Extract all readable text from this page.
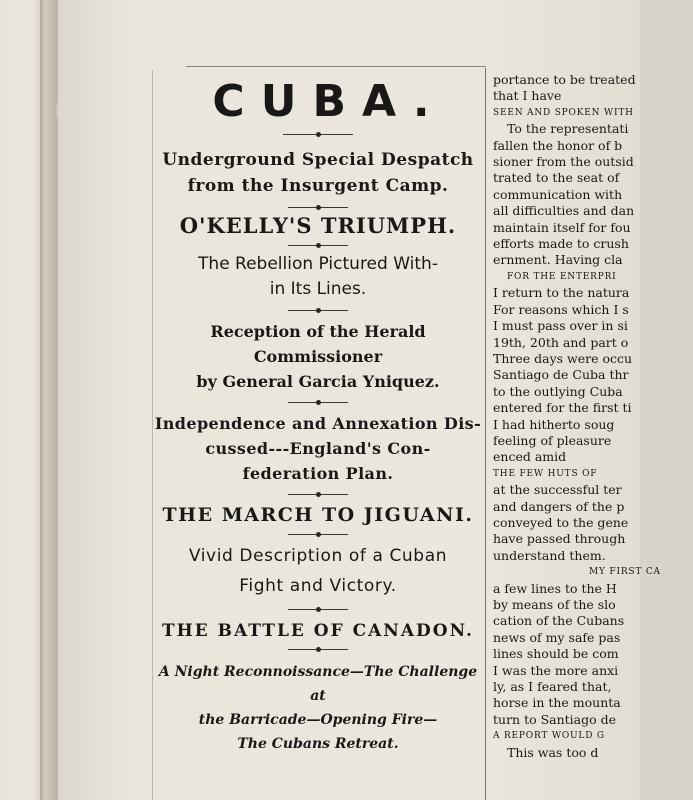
CUBA.
Underground Special Despatch
from the Insurgent Camp.
O'KELLY'S TRIUMPH.
The Rebellion Pictured With-
in Its Lines.
Reception of the Herald Commissioner
by General Garcia Yniquez.
Independence and Annexation Dis-
cussed---England's Con-
federation Plan.
THE MARCH TO JIGUANI.
Vivid Description of a Cuban
Fight and Victory.
THE BATTLE OF CANADON.
A Night Reconnoissance—The Challenge at
the Barricade—Opening Fire—
The Cubans Retreat.
portance to be treated
that I have
SEEN AND SPOKEN WITH
To the representati
fallen the honor of b
sioner from the outsid
trated to the seat of
communication with
all difficulties and dan
maintain itself for fou
efforts made to crush
ernment. Having cla
FOR THE ENTERPRI
I return to the natura
For reasons which I s
I must pass over in si
19th, 20th and part o
Three days were occu
Santiago de Cuba thr
to the outlying Cuba
entered for the first ti
I had hitherto soug
feeling of pleasure
enced amid
THE FEW HUTS OF
at the successful ter
and dangers of the p
conveyed to the gene
have passed through
understand them.
MY FIRST CA
a few lines to the H
by means of the slo
cation of the Cubans
news of my safe pas
lines should be com
I was the more anxi
ly, as I feared that,
horse in the mounta
turn to Santiago de
A REPORT WOULD G
This was too d
